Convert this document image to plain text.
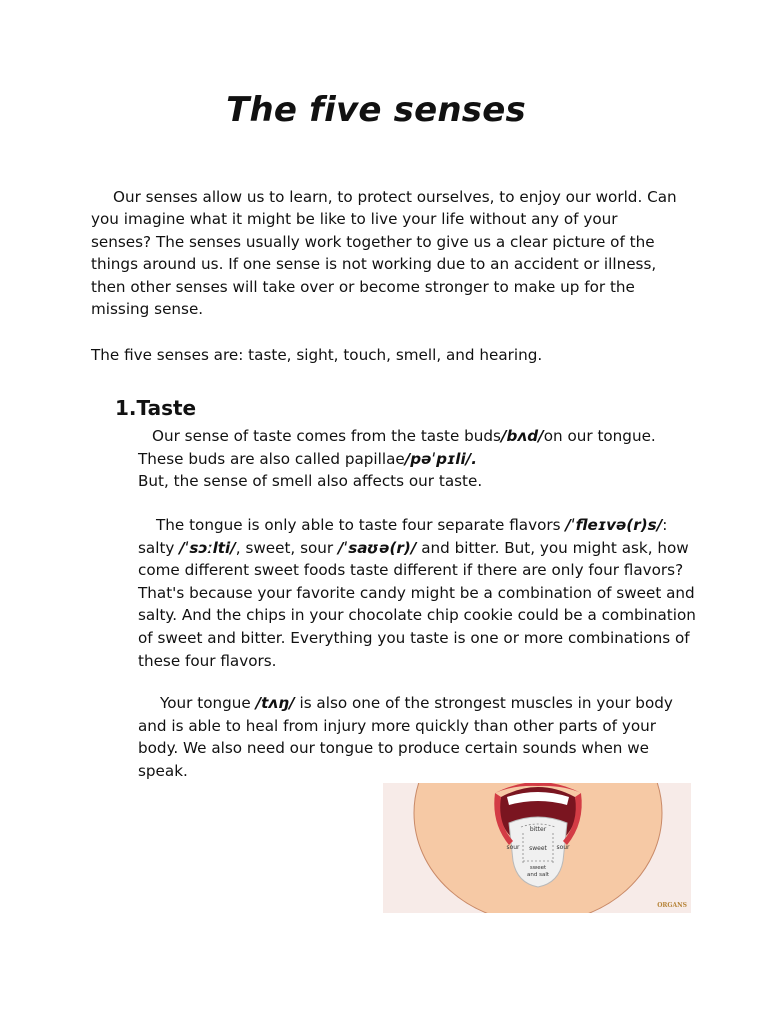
The five senses

Our senses allow us to learn, to protect ourselves, to enjoy our world. Can you imagine what it might be like to live your life without any of your senses? The senses usually work together to give us a clear picture of the things around us. If one sense is not working due to an accident or illness, then other senses will take over or become stronger to make up for the missing sense.

The five senses are: taste, sight, touch, smell, and hearing.
1.Taste

Our sense of taste comes from the taste buds/bʌd/on our tongue. These buds are also called papillae/pəˈpɪli/.

But, the sense of smell also affects our taste.

The tongue is only able to taste four separate flavors /ˈfleɪvə(r)s/: salty /ˈsɔːlti/, sweet, sour /ˈsaʊə(r)/ and bitter. But, you might ask, how come different sweet foods taste different if there are only four flavors? That's because your favorite candy might be a combination of sweet and salty. And the chips in your chocolate chip cookie could be a combination of sweet and bitter. Everything you taste is one or more combinations of these four flavors.

Your tongue /tʌŋ/ is also one of the strongest muscles in your body and is able to heal from injury more quickly than other parts of your body. We also need our tongue to produce certain sounds when we speak.

bitter
sour	sour
sweet
sweet
and salt
ORGANS
